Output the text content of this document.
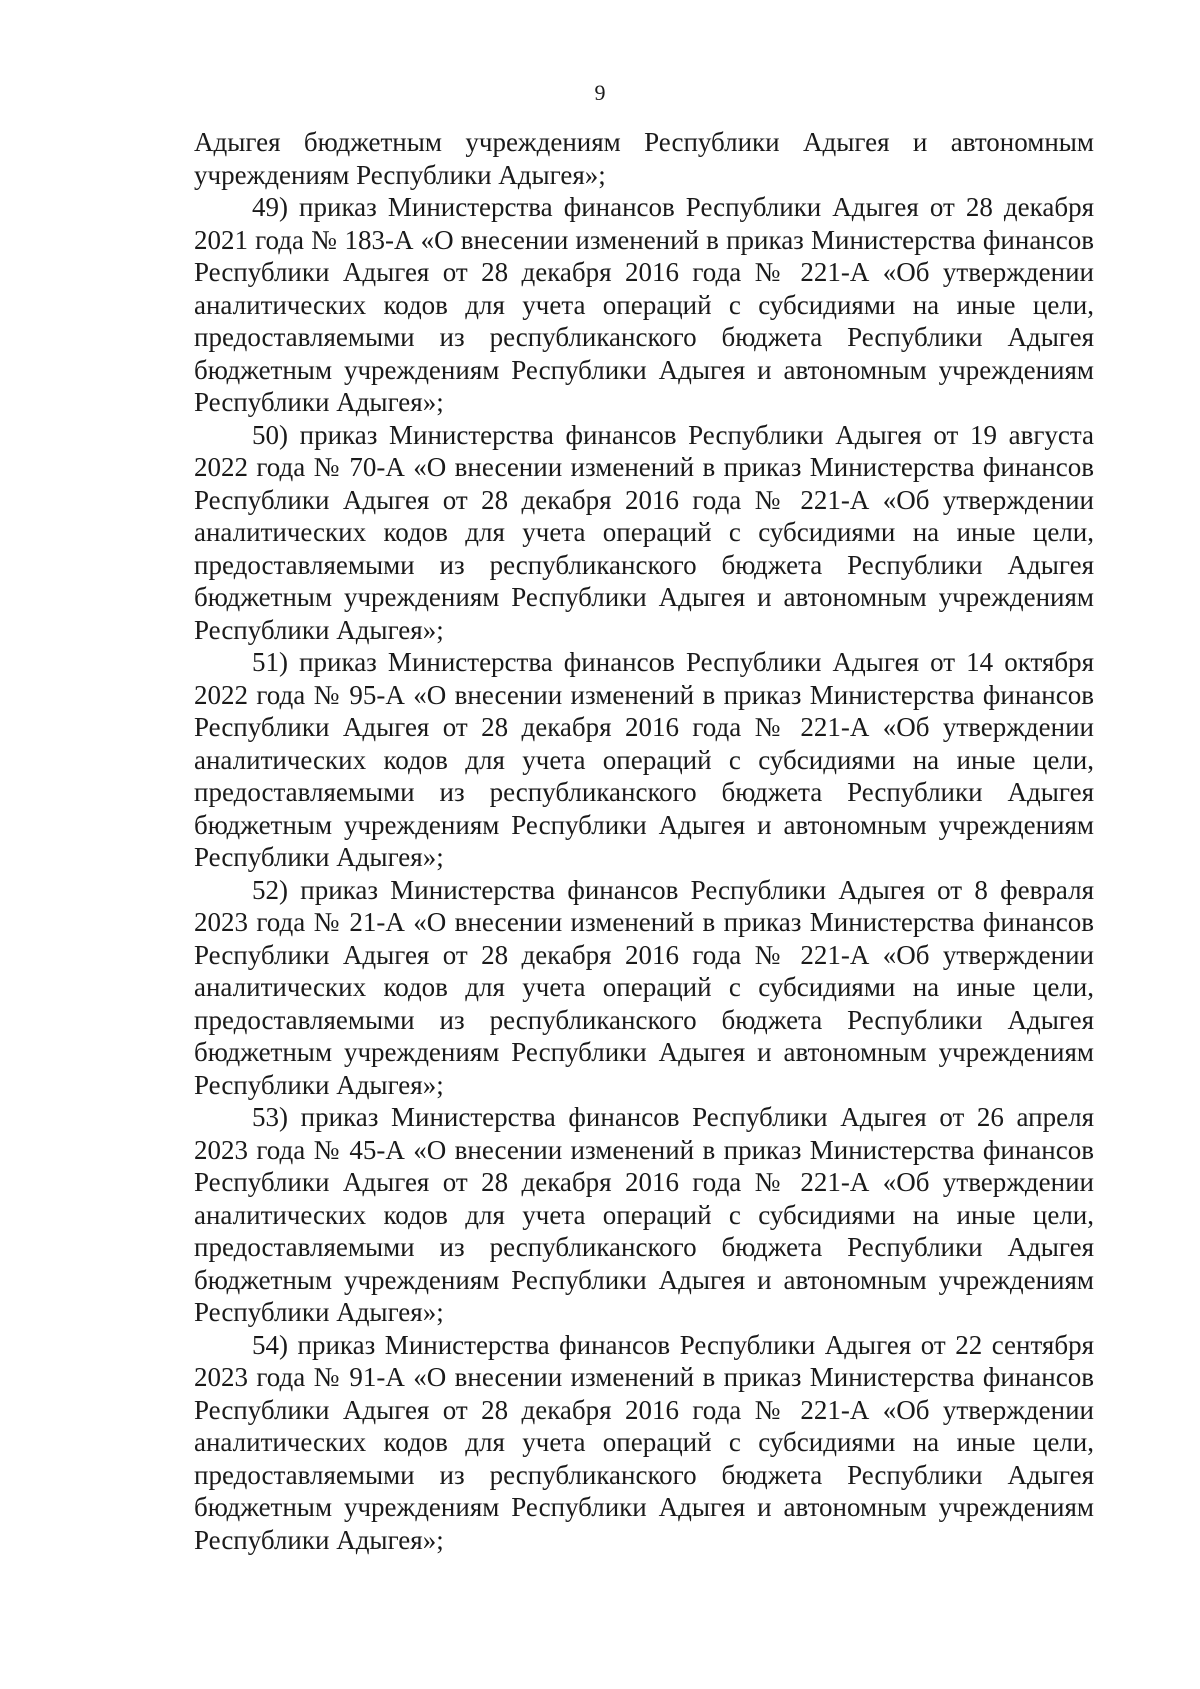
9

Адыгея бюджетным учреждениям Республики Адыгея и автономным учреждениям Республики Адыгея»;

49) приказ Министерства финансов Республики Адыгея от 28 декабря 2021 года № 183-А «О внесении изменений в приказ Министерства финансов Республики Адыгея от 28 декабря 2016 года № 221-А «Об утверждении аналитических кодов для учета операций с субсидиями на иные цели, предоставляемыми из республиканского бюджета Республики Адыгея бюджетным учреждениям Республики Адыгея и автономным учреждениям Республики Адыгея»;

50) приказ Министерства финансов Республики Адыгея от 19 августа 2022 года № 70-А «О внесении изменений в приказ Министерства финансов Республики Адыгея от 28 декабря 2016 года № 221-А «Об утверждении аналитических кодов для учета операций с субсидиями на иные цели, предоставляемыми из республиканского бюджета Республики Адыгея бюджетным учреждениям Республики Адыгея и автономным учреждениям Республики Адыгея»;

51) приказ Министерства финансов Республики Адыгея от 14 октября 2022 года № 95-А «О внесении изменений в приказ Министерства финансов Республики Адыгея от 28 декабря 2016 года № 221-А «Об утверждении аналитических кодов для учета операций с субсидиями на иные цели, предоставляемыми из республиканского бюджета Республики Адыгея бюджетным учреждениям Республики Адыгея и автономным учреждениям Республики Адыгея»;

52) приказ Министерства финансов Республики Адыгея от 8 февраля 2023 года № 21-А «О внесении изменений в приказ Министерства финансов Республики Адыгея от 28 декабря 2016 года № 221-А «Об утверждении аналитических кодов для учета операций с субсидиями на иные цели, предоставляемыми из республиканского бюджета Республики Адыгея бюджетным учреждениям Республики Адыгея и автономным учреждениям Республики Адыгея»;

53) приказ Министерства финансов Республики Адыгея от 26 апреля 2023 года № 45-А «О внесении изменений в приказ Министерства финансов Республики Адыгея от 28 декабря 2016 года № 221-А «Об утверждении аналитических кодов для учета операций с субсидиями на иные цели, предоставляемыми из республиканского бюджета Республики Адыгея бюджетным учреждениям Республики Адыгея и автономным учреждениям Республики Адыгея»;

54) приказ Министерства финансов Республики Адыгея от 22 сентября 2023 года № 91-А «О внесении изменений в приказ Министерства финансов Республики Адыгея от 28 декабря 2016 года № 221-А «Об утверждении аналитических кодов для учета операций с субсидиями на иные цели, предоставляемыми из республиканского бюджета Республики Адыгея бюджетным учреждениям Республики Адыгея и автономным учреждениям Республики Адыгея»;
